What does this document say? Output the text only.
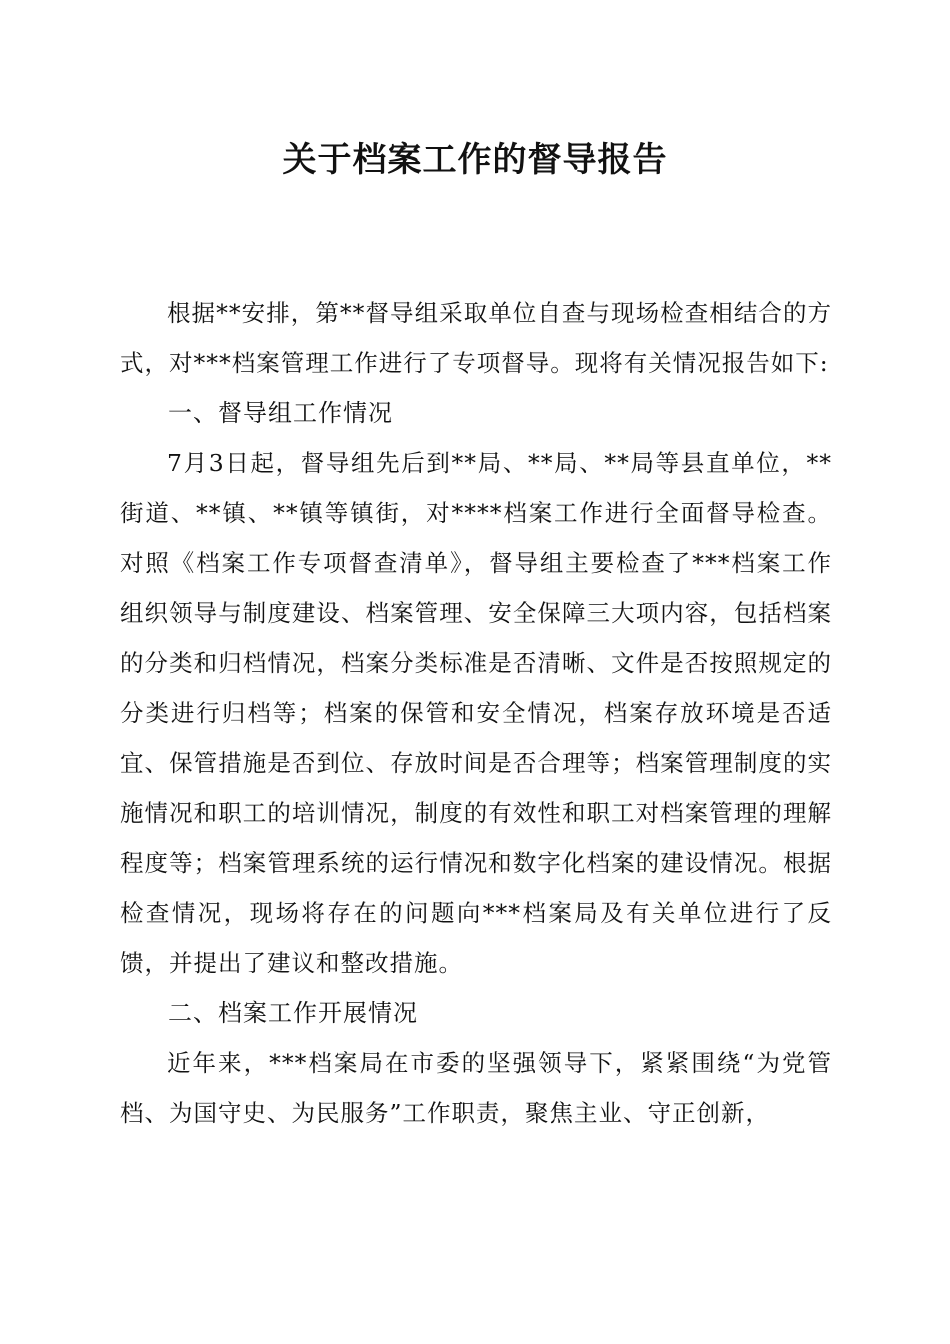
关于档案工作的督导报告

根据**安排，第**督导组采取单位自查与现场检查相结合的方式，对***档案管理工作进行了专项督导。现将有关情况报告如下:

一、督导组工作情况

7月3日起，督导组先后到**局、**局、**局等县直单位，**街道、**镇、**镇等镇街，对****档案工作进行全面督导检查。对照《档案工作专项督查清单》，督导组主要检查了***档案工作组织领导与制度建设、档案管理、安全保障三大项内容，包括档案的分类和归档情况，档案分类标准是否清晰、文件是否按照规定的分类进行归档等；档案的保管和安全情况，档案存放环境是否适宜、保管措施是否到位、存放时间是否合理等；档案管理制度的实施情况和职工的培训情况，制度的有效性和职工对档案管理的理解程度等；档案管理系统的运行情况和数字化档案的建设情况。根据检查情况，现场将存在的问题向***档案局及有关单位进行了反馈，并提出了建议和整改措施。

二、档案工作开展情况

近年来，***档案局在市委的坚强领导下，紧紧围绕“为党管档、为国守史、为民服务”工作职责，聚焦主业、守正创新，
